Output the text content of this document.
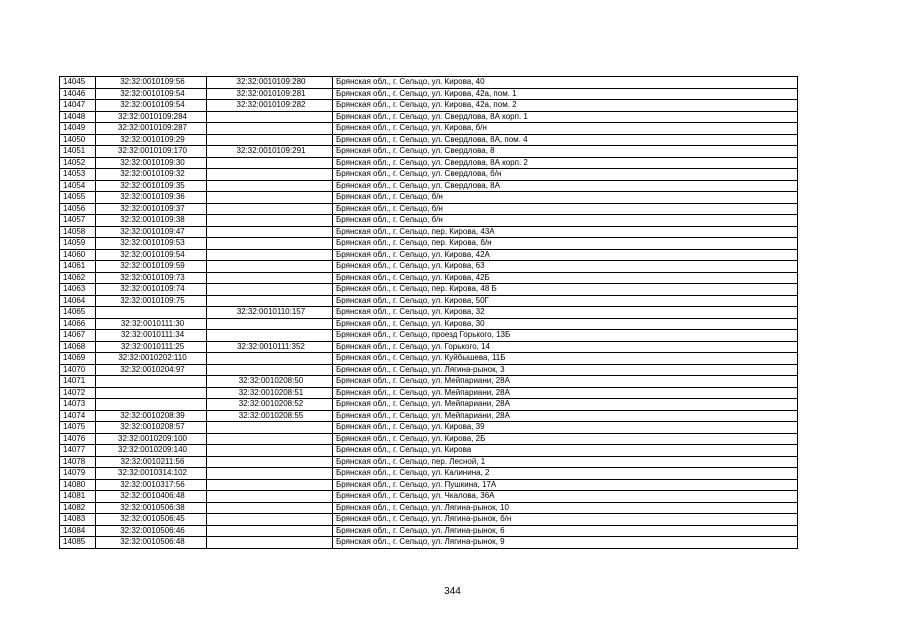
14045	32:32:0010109:56	32:32:0010109:280	Брянская обл., г. Сельцо, ул. Кирова, 40
14046	32:32:0010109:54	32:32:0010109:281	Брянская обл., г. Сельцо, ул. Кирова, 42а, пом. 1
14047	32:32:0010109:54	32:32:0010109:282	Брянская обл., г. Сельцо, ул. Кирова, 42а, пом. 2
14048	32:32:0010109:284		Брянская обл., г. Сельцо, ул. Свердлова, 8А корп. 1
14049	32:32:0010109:287		Брянская обл., г. Сельцо, ул. Кирова, б/н
14050	32:32:0010109:29		Брянская обл., г. Сельцо, ул. Свердлова, 8А, пом. 4
14051	32:32:0010109:170	32:32:0010109:291	Брянская обл., г. Сельцо, ул. Свердлова, 8
14052	32:32:0010109:30		Брянская обл., г. Сельцо, ул. Свердлова, 8А корп. 2
14053	32:32:0010109:32		Брянская обл., г. Сельцо, ул. Свердлова, б/н
14054	32:32:0010109:35		Брянская обл., г. Сельцо, ул. Свердлова, 8А
14055	32:32:0010109:36		Брянская обл., г. Сельцо, б/н
14056	32:32:0010109:37		Брянская обл., г. Сельцо, б/н
14057	32:32:0010109:38		Брянская обл., г. Сельцо, б/н
14058	32:32:0010109:47		Брянская обл., г. Сельцо, пер. Кирова, 43А
14059	32:32:0010109:53		Брянская обл., г. Сельцо, пер. Кирова, б/н
14060	32:32:0010109:54		Брянская обл., г. Сельцо, ул. Кирова, 42А
14061	32:32:0010109:59		Брянская обл., г. Сельцо, ул. Кирова, 63
14062	32:32:0010109:73		Брянская обл., г. Сельцо, ул. Кирова, 42Б
14063	32:32:0010109:74		Брянская обл., г. Сельцо, пер. Кирова, 48 Б
14064	32:32:0010109:75		Брянская обл., г. Сельцо, ул. Кирова, 50Г
14065		32:32:0010110:157	Брянская обл., г. Сельцо, ул. Кирова, 32
14066	32:32:0010111:30		Брянская обл., г. Сельцо, ул. Кирова, 30
14067	32:32:0010111:34		Брянская обл., г. Сельцо, проезд Горького, 13Б
14068	32:32:0010111:25	32:32:0010111:352	Брянская обл., г. Сельцо, ул. Горького, 14
14069	32:32:0010202:110		Брянская обл., г. Сельцо, ул. Куйбышева, 11Б
14070	32:32:0010204:97		Брянская обл., г. Сельцо, ул. Лягина-рынок, 3
14071		32:32:0010208:50	Брянская обл., г. Сельцо, ул. Мейпариани, 28А
14072		32:32:0010208:51	Брянская обл., г. Сельцо, ул. Мейпариани, 28А
14073		32:32:0010208:52	Брянская обл., г. Сельцо, ул. Мейпариани, 28А
14074	32:32:0010208:39	32:32:0010208:55	Брянская обл., г. Сельцо, ул. Мейпариани, 28А
14075	32:32:0010208:57		Брянская обл., г. Сельцо, ул. Кирова, 39
14076	32:32:0010209:100		Брянская обл., г. Сельцо, ул. Кирова, 2Б
14077	32:32:0010209:140		Брянская обл., г. Сельцо, ул. Кирова
14078	32:32:0010211:56		Брянская обл., г. Сельцо, пер. Лесной, 1
14079	32:32:0010314:102		Брянская обл., г. Сельцо, ул. Калинина, 2
14080	32:32:0010317:56		Брянская обл., г. Сельцо, ул. Пушкина, 17А
14081	32:32:0010406:48		Брянская обл., г. Сельцо, ул. Чкалова, 36А
14082	32:32:0010506:38		Брянская обл., г. Сельцо, ул. Лягина-рынок, 10
14083	32:32:0010506:45		Брянская обл., г. Сельцо, ул. Лягина-рынок, б/н
14084	32:32:0010506:46		Брянская обл., г. Сельцо, ул. Лягина-рынок, 6
14085	32:32:0010506:48		Брянская обл., г. Сельцо, ул. Лягина-рынок, 9
344
